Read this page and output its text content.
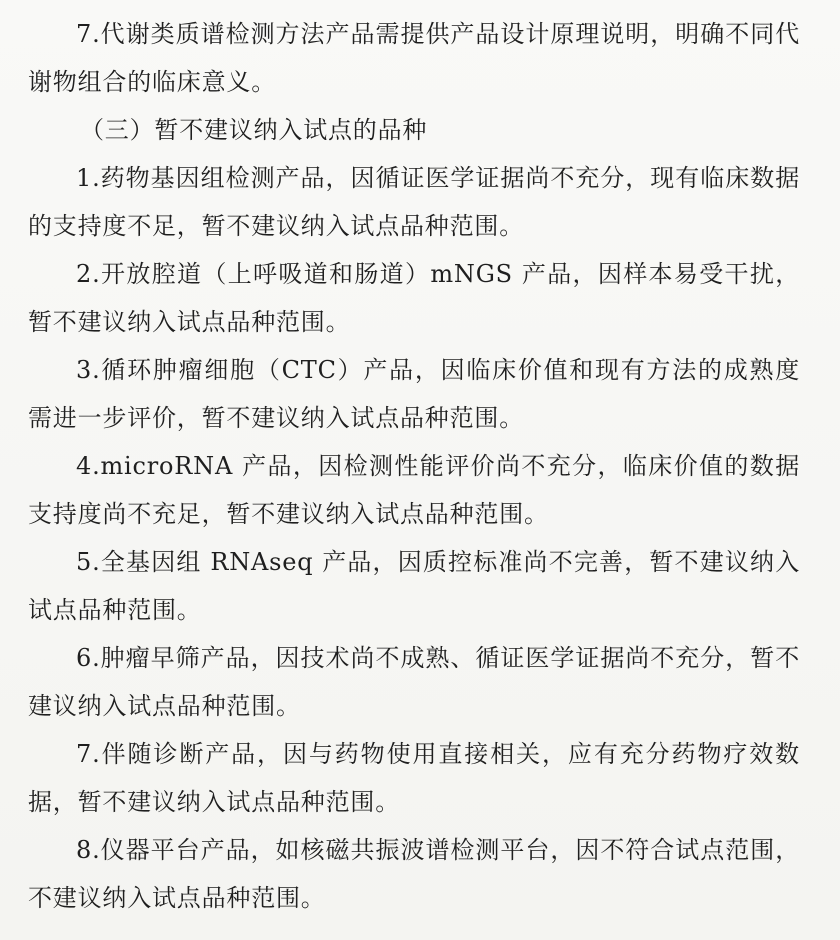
7.代谢类质谱检测方法产品需提供产品设计原理说明，明确不同代谢物组合的临床意义。

（三）暂不建议纳入试点的品种

1.药物基因组检测产品，因循证医学证据尚不充分，现有临床数据的支持度不足，暂不建议纳入试点品种范围。

2.开放腔道（上呼吸道和肠道）mNGS 产品，因样本易受干扰，暂不建议纳入试点品种范围。

3.循环肿瘤细胞（CTC）产品，因临床价值和现有方法的成熟度需进一步评价，暂不建议纳入试点品种范围。

4.microRNA 产品，因检测性能评价尚不充分，临床价值的数据支持度尚不充足，暂不建议纳入试点品种范围。

5.全基因组 RNAseq 产品，因质控标准尚不完善，暂不建议纳入试点品种范围。

6.肿瘤早筛产品，因技术尚不成熟、循证医学证据尚不充分，暂不建议纳入试点品种范围。

7.伴随诊断产品，因与药物使用直接相关，应有充分药物疗效数据，暂不建议纳入试点品种范围。

8.仪器平台产品，如核磁共振波谱检测平台，因不符合试点范围，不建议纳入试点品种范围。
